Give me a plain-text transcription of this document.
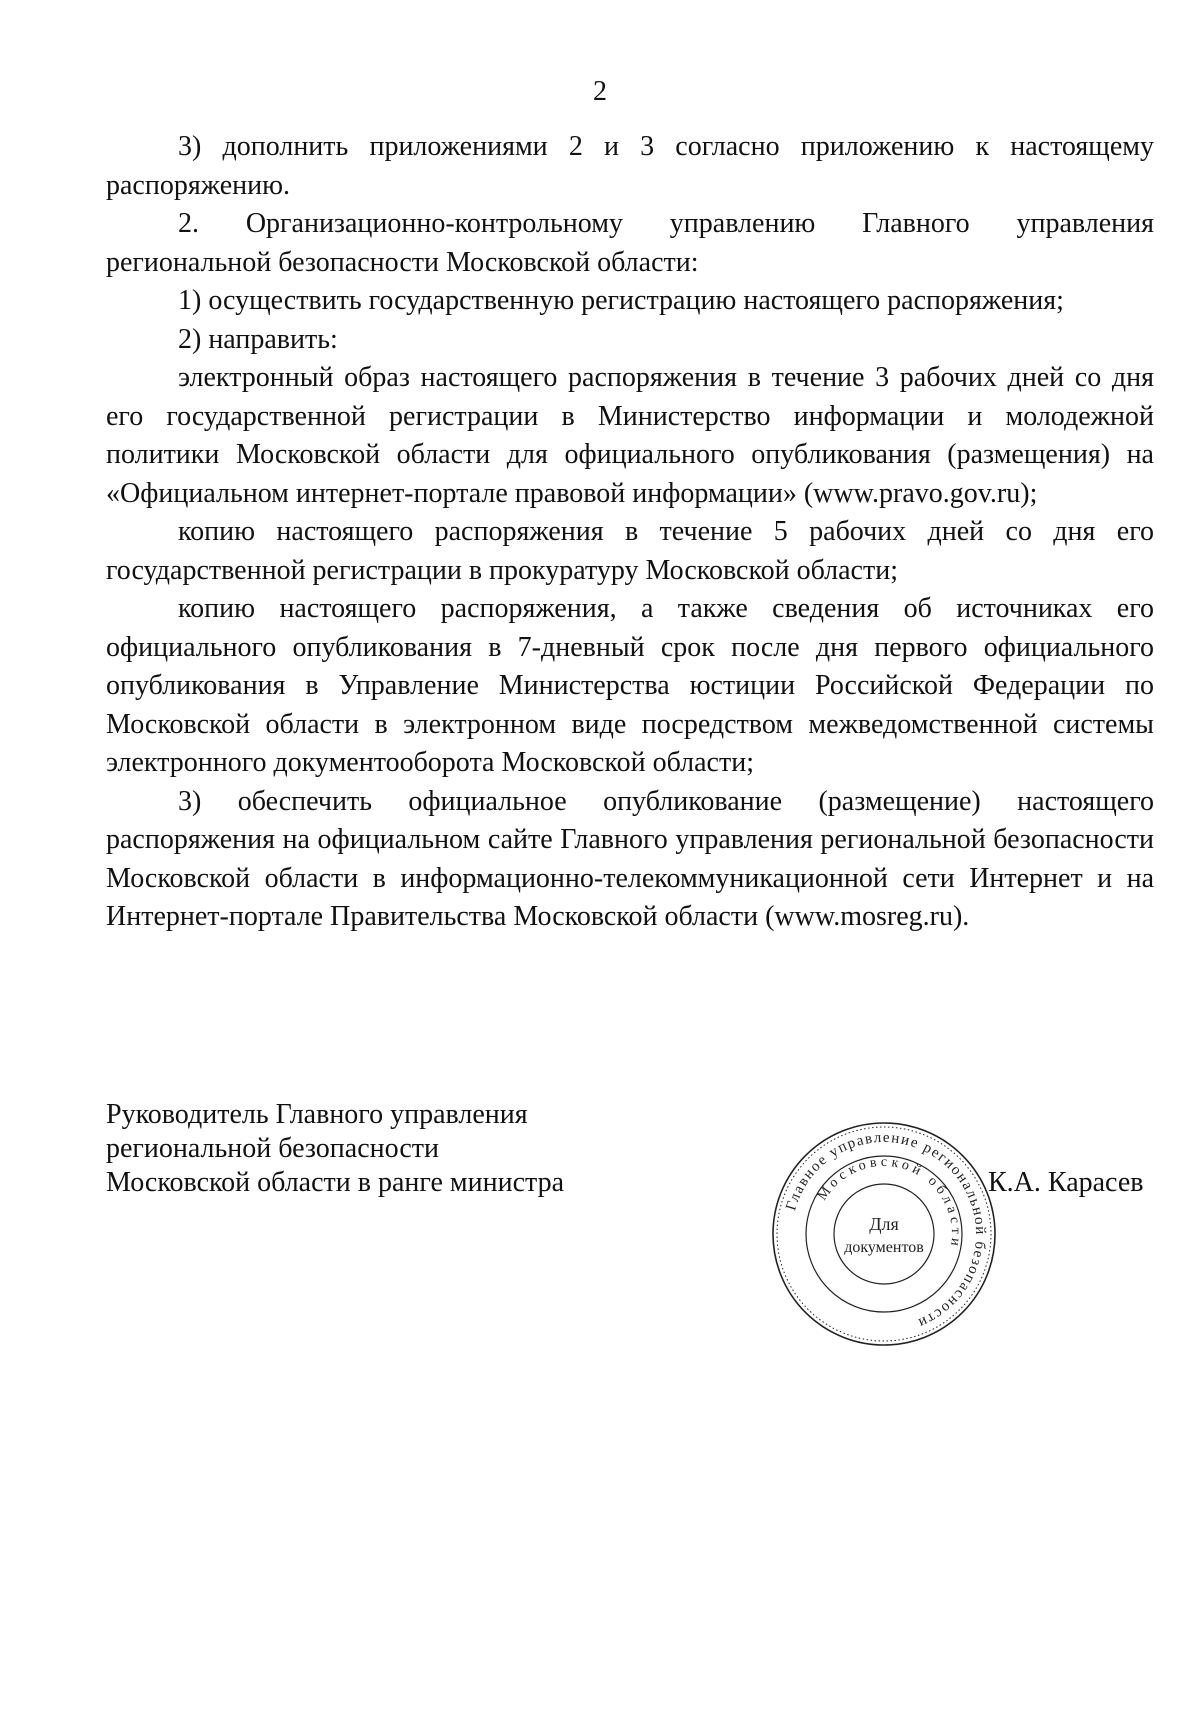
2

3) дополнить приложениями 2 и 3 согласно приложению к настоящему распоряжению.

2. Организационно-контрольному управлению Главного управления региональной безопасности Московской области:

1) осуществить государственную регистрацию настоящего распоряжения;

2) направить:

электронный образ настоящего распоряжения в течение 3 рабочих дней со дня его государственной регистрации в Министерство информации и молодежной политики Московской области для официального опубликования (размещения) на «Официальном интернет-портале правовой информации» (www.pravo.gov.ru);

копию настоящего распоряжения в течение 5 рабочих дней со дня его государственной регистрации в прокуратуру Московской области;

копию настоящего распоряжения, а также сведения об источниках его официального опубликования в 7-дневный срок после дня первого официального опубликования в Управление Министерства юстиции Российской Федерации по Московской области в электронном виде посредством межведомственной системы электронного документооборота Московской области;

3) обеспечить официальное опубликование (размещение) настоящего распоряжения на официальном сайте Главного управления региональной безопасности Московской области в информационно-телекоммуникационной сети Интернет и на Интернет-портале Правительства Московской области (www.mosreg.ru).

Руководитель Главного управления
региональной безопасности
Московской области в ранге министра
Главное управление региональной безопасности
Московской области
Для
документов
К.А. Карасев
